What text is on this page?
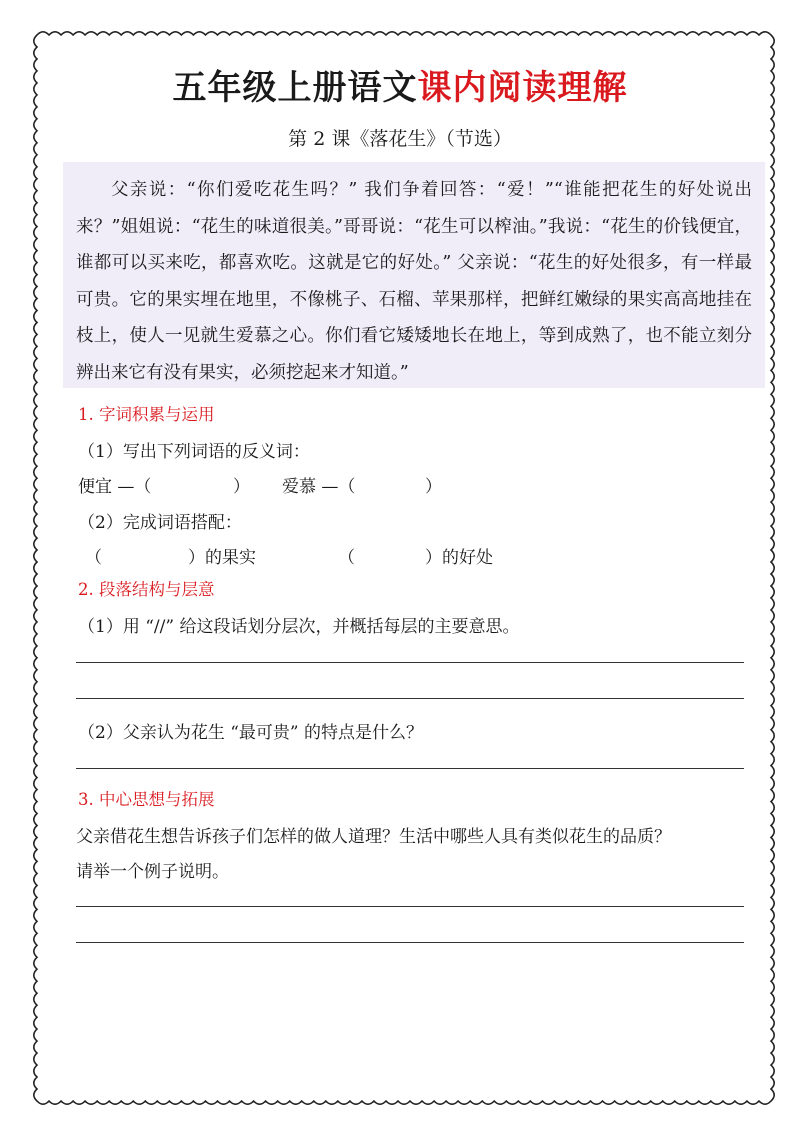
五年级上册语文课内阅读理解
第 2 课《落花生》（节选）

父亲说：“你们爱吃花生吗？” 我们争着回答：“爱！”“谁能把花生的好处说出来？”姐姐说：“花生的味道很美。”哥哥说：“花生可以榨油。”我说：“花生的价钱便宜，谁都可以买来吃，都喜欢吃。这就是它的好处。” 父亲说：“花生的好处很多，有一样最可贵。它的果实埋在地里，不像桃子、石榴、苹果那样，把鲜红嫩绿的果实高高地挂在枝上，使人一见就生爱慕之心。你们看它矮矮地长在地上，等到成熟了，也不能立刻分辨出来它有没有果实，必须挖起来才知道。”

1. 字词积累与运用
（1）写出下列词语的反义词：
便宜 —（	） 爱慕 —（	）
（2）完成词语搭配：
（	）的果实	（	）的好处
2. 段落结构与层意
（1）用 “//” 给这段话划分层次，并概括每层的主要意思。
（2）父亲认为花生 “最可贵” 的特点是什么？
3. 中心思想与拓展
父亲借花生想告诉孩子们怎样的做人道理？生活中哪些人具有类似花生的品质？
请举一个例子说明。
